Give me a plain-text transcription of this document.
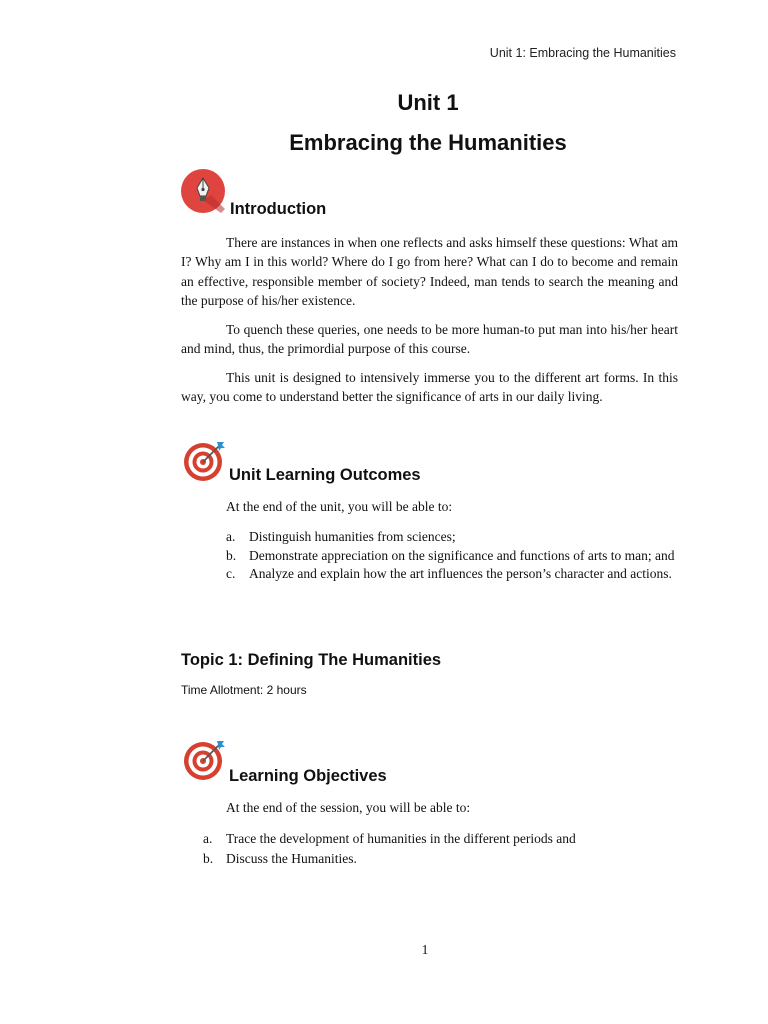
Unit 1: Embracing the Humanities
Unit 1
Embracing the Humanities
Introduction

There are instances in when one reflects and asks himself these questions: What am I? Why am I in this world? Where do I go from here? What can I do to become and remain an effective, responsible member of society? Indeed, man tends to search the meaning and the purpose of his/her existence.

To quench these queries, one needs to be more human-to put man into his/her heart and mind, thus, the primordial purpose of this course.

This unit is designed to intensively immerse you to the different art forms. In this way, you come to understand better the significance of arts in our daily living.

Unit Learning Outcomes

At the end of the unit, you will be able to:

a. Distinguish humanities from sciences;
b. Demonstrate appreciation on the significance and functions of arts to man; and
c. Analyze and explain how the art influences the person’s character and actions.
Topic 1: Defining The Humanities
Time Allotment: 2 hours
Learning Objectives

At the end of the session, you will be able to:

a. Trace the development of humanities in the different periods and
b. Discuss the Humanities.
1
